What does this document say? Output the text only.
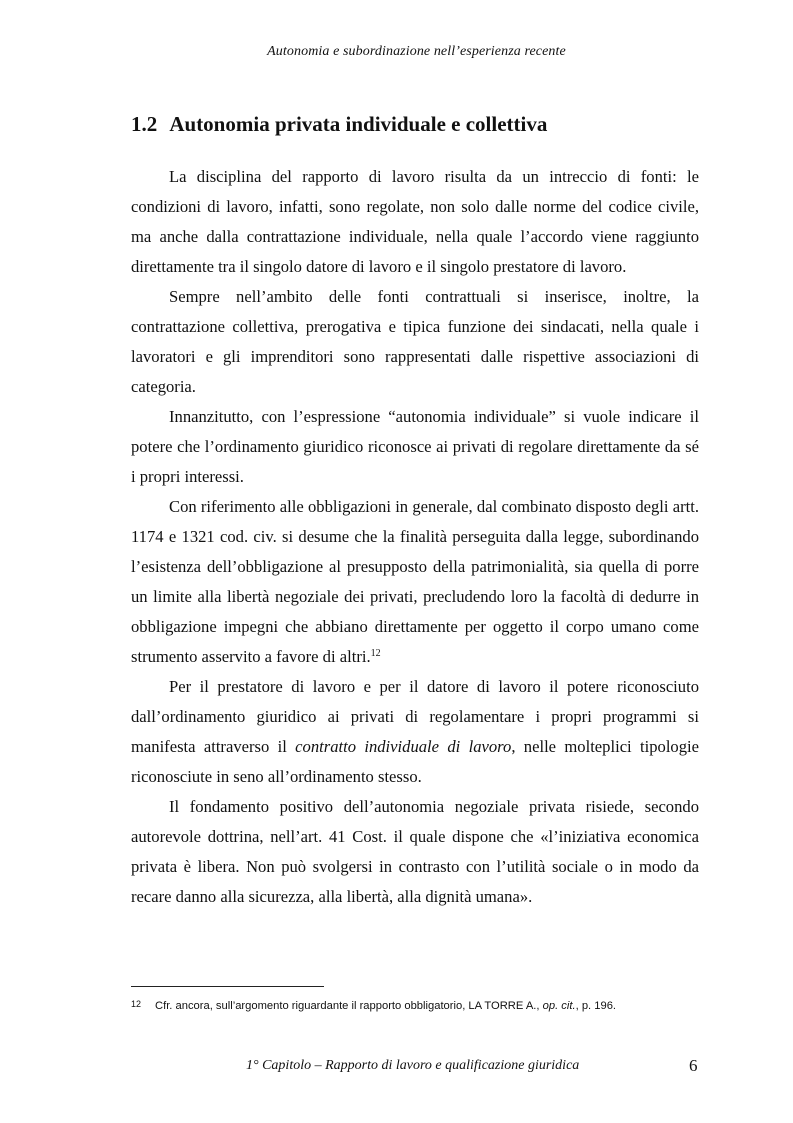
Autonomia e subordinazione nell’esperienza recente
1.2 Autonomia privata individuale e collettiva

La disciplina del rapporto di lavoro risulta da un intreccio di fonti: le condizioni di lavoro, infatti, sono regolate, non solo dalle norme del codice civile, ma anche dalla contrattazione individuale, nella quale l’accordo viene raggiunto direttamente tra il singolo datore di lavoro e il singolo prestatore di lavoro.

Sempre nell’ambito delle fonti contrattuali si inserisce, inoltre, la contrattazione collettiva, prerogativa e tipica funzione dei sindacati, nella quale i lavoratori e gli imprenditori sono rappresentati dalle rispettive associazioni di categoria.

Innanzitutto, con l’espressione “autonomia individuale” si vuole indicare il potere che l’ordinamento giuridico riconosce ai privati di regolare direttamente da sé i propri interessi.

Con riferimento alle obbligazioni in generale, dal combinato disposto degli artt. 1174 e 1321 cod. civ. si desume che la finalità perseguita dalla legge, subordinando l’esistenza dell’obbligazione al presupposto della patrimonialità, sia quella di porre un limite alla libertà negoziale dei privati, precludendo loro la facoltà di dedurre in obbligazione impegni che abbiano direttamente per oggetto il corpo umano come strumento asservito a favore di altri.$^{12}$

Per il prestatore di lavoro e per il datore di lavoro il potere riconosciuto dall’ordinamento giuridico ai privati di regolamentare i propri programmi si manifesta attraverso il contratto individuale di lavoro, nelle molteplici tipologie riconosciute in seno all’ordinamento stesso.

Il fondamento positivo dell’autonomia negoziale privata risiede, secondo autorevole dottrina, nell’art. 41 Cost. il quale dispone che «l’iniziativa economica privata è libera. Non può svolgersi in contrasto con l’utilità sociale o in modo da recare danno alla sicurezza, alla libertà, alla dignità umana».

12 Cfr. ancora, sull’argomento riguardante il rapporto obbligatorio, LA TORRE A., op. cit., p. 196.
1° Capitolo – Rapporto di lavoro e qualificazione giuridica	6
